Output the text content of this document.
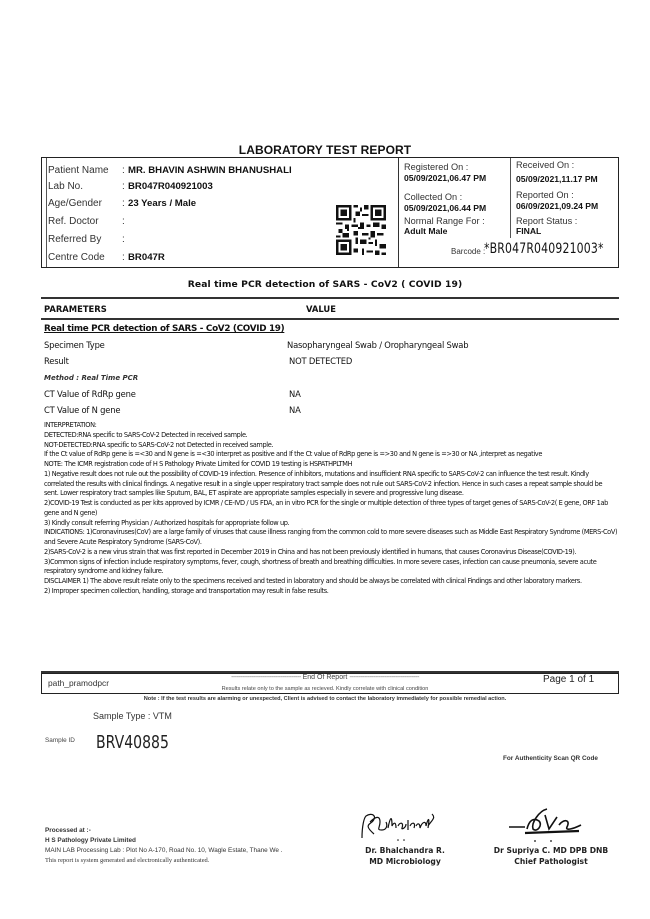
LABORATORY TEST REPORT
Patient Name	: MR. BHAVIN ASHWIN BHANUSHALI
Lab No.	: BR047R040921003
Age/Gender	: 23 Years / Male
Ref. Doctor	:
Referred By	:
Centre Code	: BR047R
Registered On :
05/09/2021,06.47 PM
Collected On :
05/09/2021,06.44 PM
Normal Range For :
Adult Male
Received On :
05/09/2021,11.17 PM
Reported On :
06/09/2021,09.24 PM
Report Status :
FINAL
Barcode :
*BR047R040921003*
Real time PCR detection of SARS - CoV2 ( COVID 19)
PARAMETERS	VALUE
Real time PCR detection of SARS - CoV2 (COVID 19)
Specimen Type	Nasopharyngeal Swab / Oropharyngeal Swab
Result	NOT DETECTED
Method : Real Time PCR
CT Value of RdRp gene	NA
CT Value of N gene	NA

INTERPRETATION:

DETECTED:RNA specific to SARS-CoV-2 Detected in received sample.

NOT-DETECTED:RNA specific to SARS-CoV-2 not Detected in received sample.

If the Ct value of RdRp gene is =<30 and N gene is =<30 interpret as positive and If the Ct value of RdRp gene is =>30 and N gene is =>30 or NA ,interpret as negative

NOTE: The ICMR registration code of H S Pathology Private Limited for COVID 19 testing is HSPATHPLTMH

1) Negative result does not rule out the possibility of COVID-19 infection. Presence of inhibitors, mutations and insufficient RNA specific to SARS-CoV-2 can influence the test result. Kindly correlated the results with clinical findings. A negative result in a single upper respiratory tract sample does not rule out SARS-CoV-2 infection. Hence in such cases a repeat sample should be sent. Lower respiratory tract samples like Sputum, BAL, ET aspirate are appropriate samples especially in severe and progressive lung disease.

2)COVID-19 Test is conducted as per kits approved by ICMR / CE-IVD / US FDA, an in vitro PCR for the single or multiple detection of three types of target genes of SARS-CoV-2( E gene, ORF 1ab gene and N gene)

3) Kindly consult referring Physician / Authorized hospitals for appropriate follow up.

INDICATIONS: 1)Coronaviruses(CoV) are a large family of viruses that cause illness ranging from the common cold to more severe diseases such as Middle East Respiratory Syndrome (MERS-CoV) and Severe Acute Respiratory Syndrome (SARS-CoV).

2)SARS-CoV-2 is a new virus strain that was first reported in December 2019 in China and has not been previously identified in humans, that causes Coronavirus Disease(COVID-19).

3)Common signs of infection include respiratory symptoms, fever, cough, shortness of breath and breathing difficulties. In more severe cases, infection can cause pneumonia, severe acute respiratory syndrome and kidney failure.

DISCLAIMER 1) The above result relate only to the specimens received and tested in laboratory and should be always be correlated with clinical Findings and other laboratory markers.

2) Improper specimen collection, handling, storage and transportation may result in false results.

path_pramodpcr
-------------------------------------- End Of Report --------------------------------------
Results relate only to the sample as recieved. Kindly correlate with clinical condition
Page 1 of 1
Note : If the test results are alarming or unexpected, Client is advised to contact the laboratory immediately for possible remedial action.
Sample Type : VTM
Sample ID BRV40885
For Authenticity Scan QR Code
Processed at :-
H S Pathology Private Limited
MAIN LAB Processing Lab : Plot No A-170, Road No. 10, Wagle Estate, Thane We .
This report is system generated and electronically authenticated.
Dr. Bhalchandra R.
MD Microbiology
Dr Supriya C. MD DPB DNB
Chief Pathologist
